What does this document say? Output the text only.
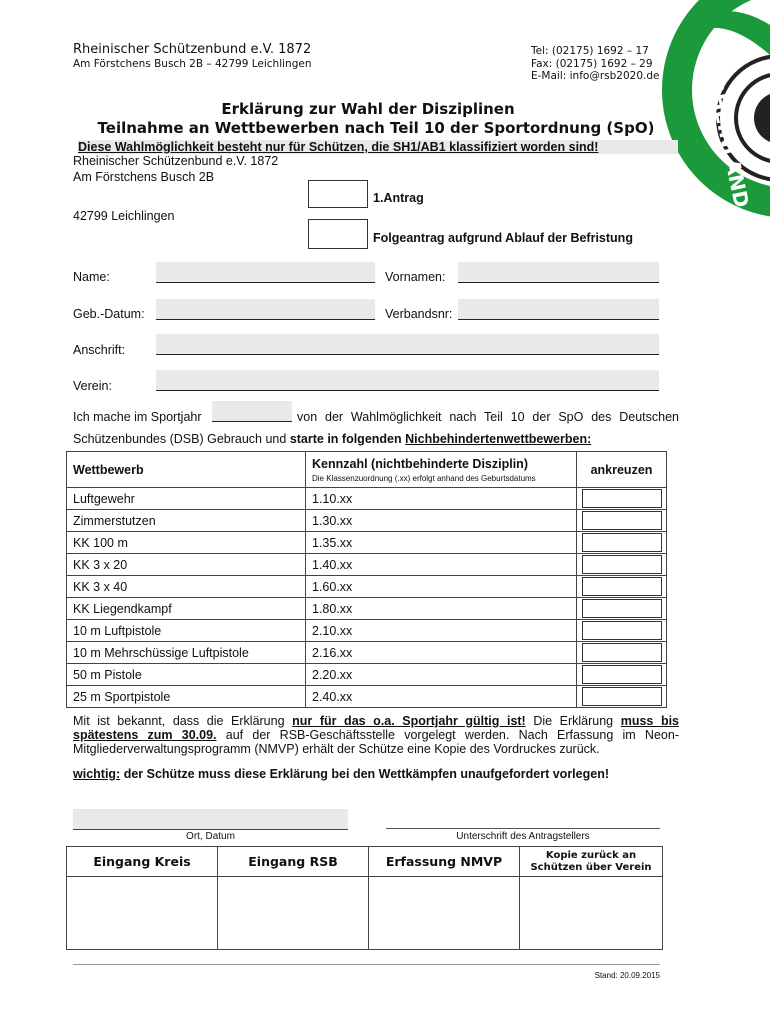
Rheinischer Schützenbund e.V. 1872
Am Förstchens Busch 2B – 42799 Leichlingen
Tel: (02175) 1692 – 17
Fax: (02175) 1692 – 29
E-Mail: info@rsb2020.de
RHEINLAND
Erklärung zur Wahl der Disziplinen
Teilnahme an Wettbewerben nach Teil 10 der Sportordnung (SpO)
Diese Wahlmöglichkeit besteht nur für Schützen, die SH1/AB1 klassifiziert worden sind!
Rheinischer Schützenbund e.V. 1872
Am Förstchens Busch 2B
42799 Leichlingen
1.Antrag
Folgeantrag aufgrund Ablauf der Befristung
Name:	Vornamen:
Geb.-Datum:	Verbandsnr:
Anschrift:
Verein:
Ich mache im Sportjahr	von der Wahlmöglichkeit nach Teil 10 der SpO des Deutschen
Schützenbundes (DSB) Gebrauch und starte in folgenden Nichbehindertenwettbewerben:
Wettbewerb	Kennzahl (nichtbehinderte Disziplin)
Die Klassenzuordnung (.xx) erfolgt anhand des Geburtsdatums	ankreuzen
Luftgewehr	1.10.xx	

Zimmerstutzen	1.30.xx	

KK 100 m	1.35.xx	

KK 3 x 20	1.40.xx	

KK 3 x 40	1.60.xx	

KK Liegendkampf	1.80.xx	

10 m Luftpistole	2.10.xx	

10 m Mehrschüssige Luftpistole	2.16.xx	

50 m Pistole	2.20.xx	

25 m Sportpistole	2.40.xx	
Mit ist bekannt, dass die Erklärung nur für das o.a. Sportjahr gültig ist! Die Erklärung muss bis spätestens zum 30.09. auf der RSB-Geschäftsstelle vorgelegt werden. Nach Erfassung im Neon-Mitgliederverwaltungsprogramm (NMVP) erhält der Schütze eine Kopie des Vordruckes zurück.
wichtig: der Schütze muss diese Erklärung bei den Wettkämpfen unaufgefordert vorlegen!
Ort, Datum	Unterschrift des Antragstellers
Eingang Kreis	Eingang RSB	Erfassung NMVP	Kopie zurück an
Schützen über Verein

Stand: 20.09.2015
